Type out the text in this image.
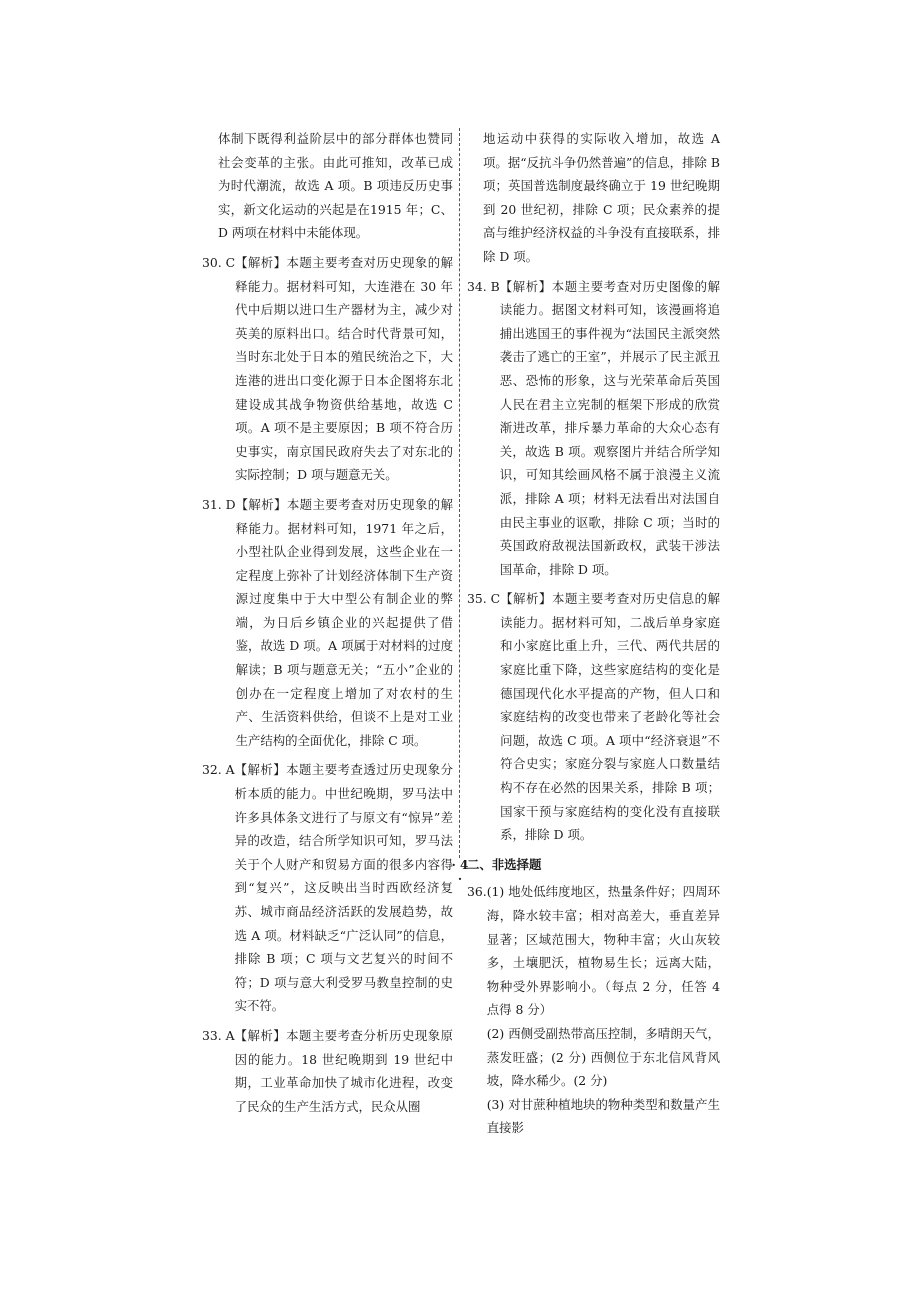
体制下既得利益阶层中的部分群体也赞同社会变革的主张。由此可推知，改革已成为时代潮流，故选 A 项。B 项违反历史事实，新文化运动的兴起是在1915 年；C、D 两项在材料中未能体现。
30. C 【解析】本题主要考查对历史现象的解释能力。据材料可知，大连港在 30 年代中后期以进口生产器材为主，减少对英美的原料出口。结合时代背景可知，当时东北处于日本的殖民统治之下，大连港的进出口变化源于日本企图将东北建设成其战争物资供给基地，故选 C 项。A 项不是主要原因；B 项不符合历史事实，南京国民政府失去了对东北的实际控制；D 项与题意无关。
31. D 【解析】本题主要考查对历史现象的解释能力。据材料可知，1971 年之后，小型社队企业得到发展，这些企业在一定程度上弥补了计划经济体制下生产资源过度集中于大中型公有制企业的弊端，为日后乡镇企业的兴起提供了借鉴，故选 D 项。A 项属于对材料的过度解读；B 项与题意无关；“五小”企业的创办在一定程度上增加了对农村的生产、生活资料供给，但谈不上是对工业生产结构的全面优化，排除 C 项。
32. A 【解析】本题主要考查透过历史现象分析本质的能力。中世纪晚期，罗马法中许多具体条文进行了与原文有“惊异”差异的改造，结合所学知识可知，罗马法关于个人财产和贸易方面的很多内容得到“复兴”，这反映出当时西欧经济复苏、城市商品经济活跃的发展趋势，故选 A 项。材料缺乏“广泛认同”的信息，排除 B 项；C 项与文艺复兴的时间不符；D 项与意大利受罗马教皇控制的史实不符。
33. A 【解析】本题主要考查分析历史现象原因的能力。18 世纪晚期到 19 世纪中期，工业革命加快了城市化进程，改变了民众的生产生活方式，民众从圈
地运动中获得的实际收入增加，故选 A 项。据“反抗斗争仍然普遍”的信息，排除 B 项；英国普选制度最终确立于 19 世纪晚期到 20 世纪初，排除 C 项；民众素养的提高与维护经济权益的斗争没有直接联系，排除 D 项。
34. B 【解析】本题主要考查对历史图像的解读能力。据图文材料可知，该漫画将追捕出逃国王的事件视为“法国民主派突然袭击了逃亡的王室”，并展示了民主派丑恶、恐怖的形象，这与光荣革命后英国人民在君主立宪制的框架下形成的欣赏渐进改革，排斥暴力革命的大众心态有关，故选 B 项。观察图片并结合所学知识，可知其绘画风格不属于浪漫主义流派，排除 A 项；材料无法看出对法国自由民主事业的讴歌，排除 C 项；当时的英国政府敌视法国新政权，武装干涉法国革命，排除 D 项。
35. C 【解析】本题主要考查对历史信息的解读能力。据材料可知，二战后单身家庭和小家庭比重上升，三代、两代共居的家庭比重下降，这些家庭结构的变化是德国现代化水平提高的产物，但人口和家庭结构的改变也带来了老龄化等社会问题，故选 C 项。A 项中“经济衰退”不符合史实；家庭分裂与家庭人口数量结构不存在必然的因果关系，排除 B 项；国家干预与家庭结构的变化没有直接联系，排除 D 项。
二、非选择题
36. (1) 地处低纬度地区，热量条件好；四周环海，降水较丰富；相对高差大，垂直差异显著；区域范围大，物种丰富；火山灰较多，土壤肥沃，植物易生长；远离大陆，物种受外界影响小。（每点 2 分，任答 4 点得 8 分）
(2) 西侧受副热带高压控制，多晴朗天气，蒸发旺盛；(2 分) 西侧位于东北信风背风坡，降水稀少。(2 分)
(3) 对甘蔗种植地块的物种类型和数量产生直接影
· 4 ·
